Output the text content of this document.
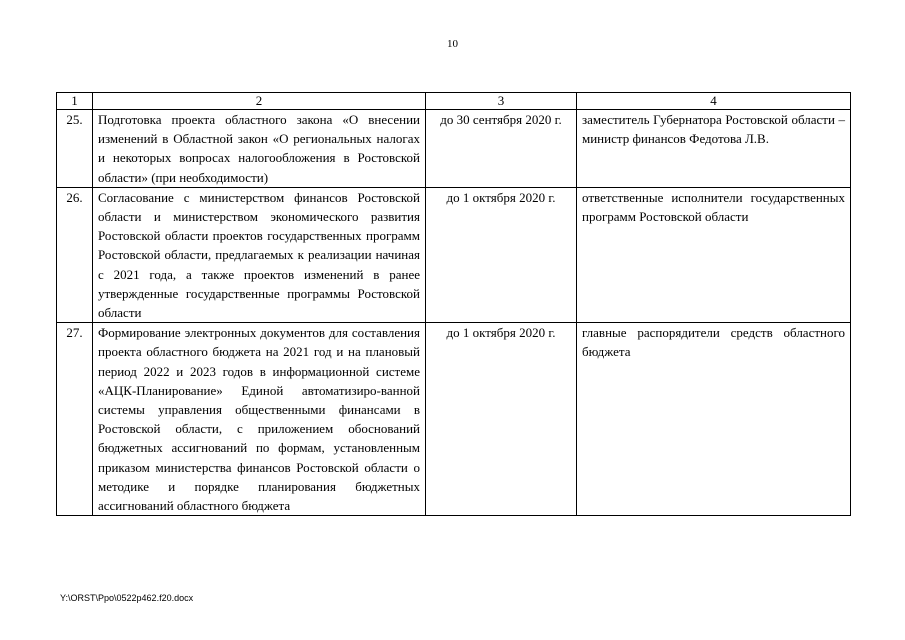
10
1	2	3	4
25.	Подготовка проекта областного закона «О внесении изменений в Областной закон «О региональных налогах и некоторых вопросах налогообложения в Ростовской области» (при необходимости)	до 30 сентября 2020 г.	заместитель Губернатора Ростовской области – министр финансов Федотова Л.В.
26.	Согласование с министерством финансов Ростовской области и министерством экономического развития Ростовской области проектов государственных программ Ростовской области, предлагаемых к реализации начиная с 2021 года, а также проектов изменений в ранее утвержденные государственные программы Ростовской области	до 1 октября 2020 г.	ответственные исполнители государственных программ Ростовской области
27.	Формирование электронных документов для составления проекта областного бюджета на 2021 год и на плановый период 2022 и 2023 годов в информационной системе «АЦК-Планирование» Единой автоматизиро-ванной системы управления общественными финансами в Ростовской области, с приложением обоснований бюджетных ассигнований по формам, установленным приказом министерства финансов Ростовской области о методике и порядке планирования бюджетных ассигнований областного бюджета	до 1 октября 2020 г.	главные распорядители средств областного бюджета
Y:\ORST\Ppo\0522p462.f20.docx
